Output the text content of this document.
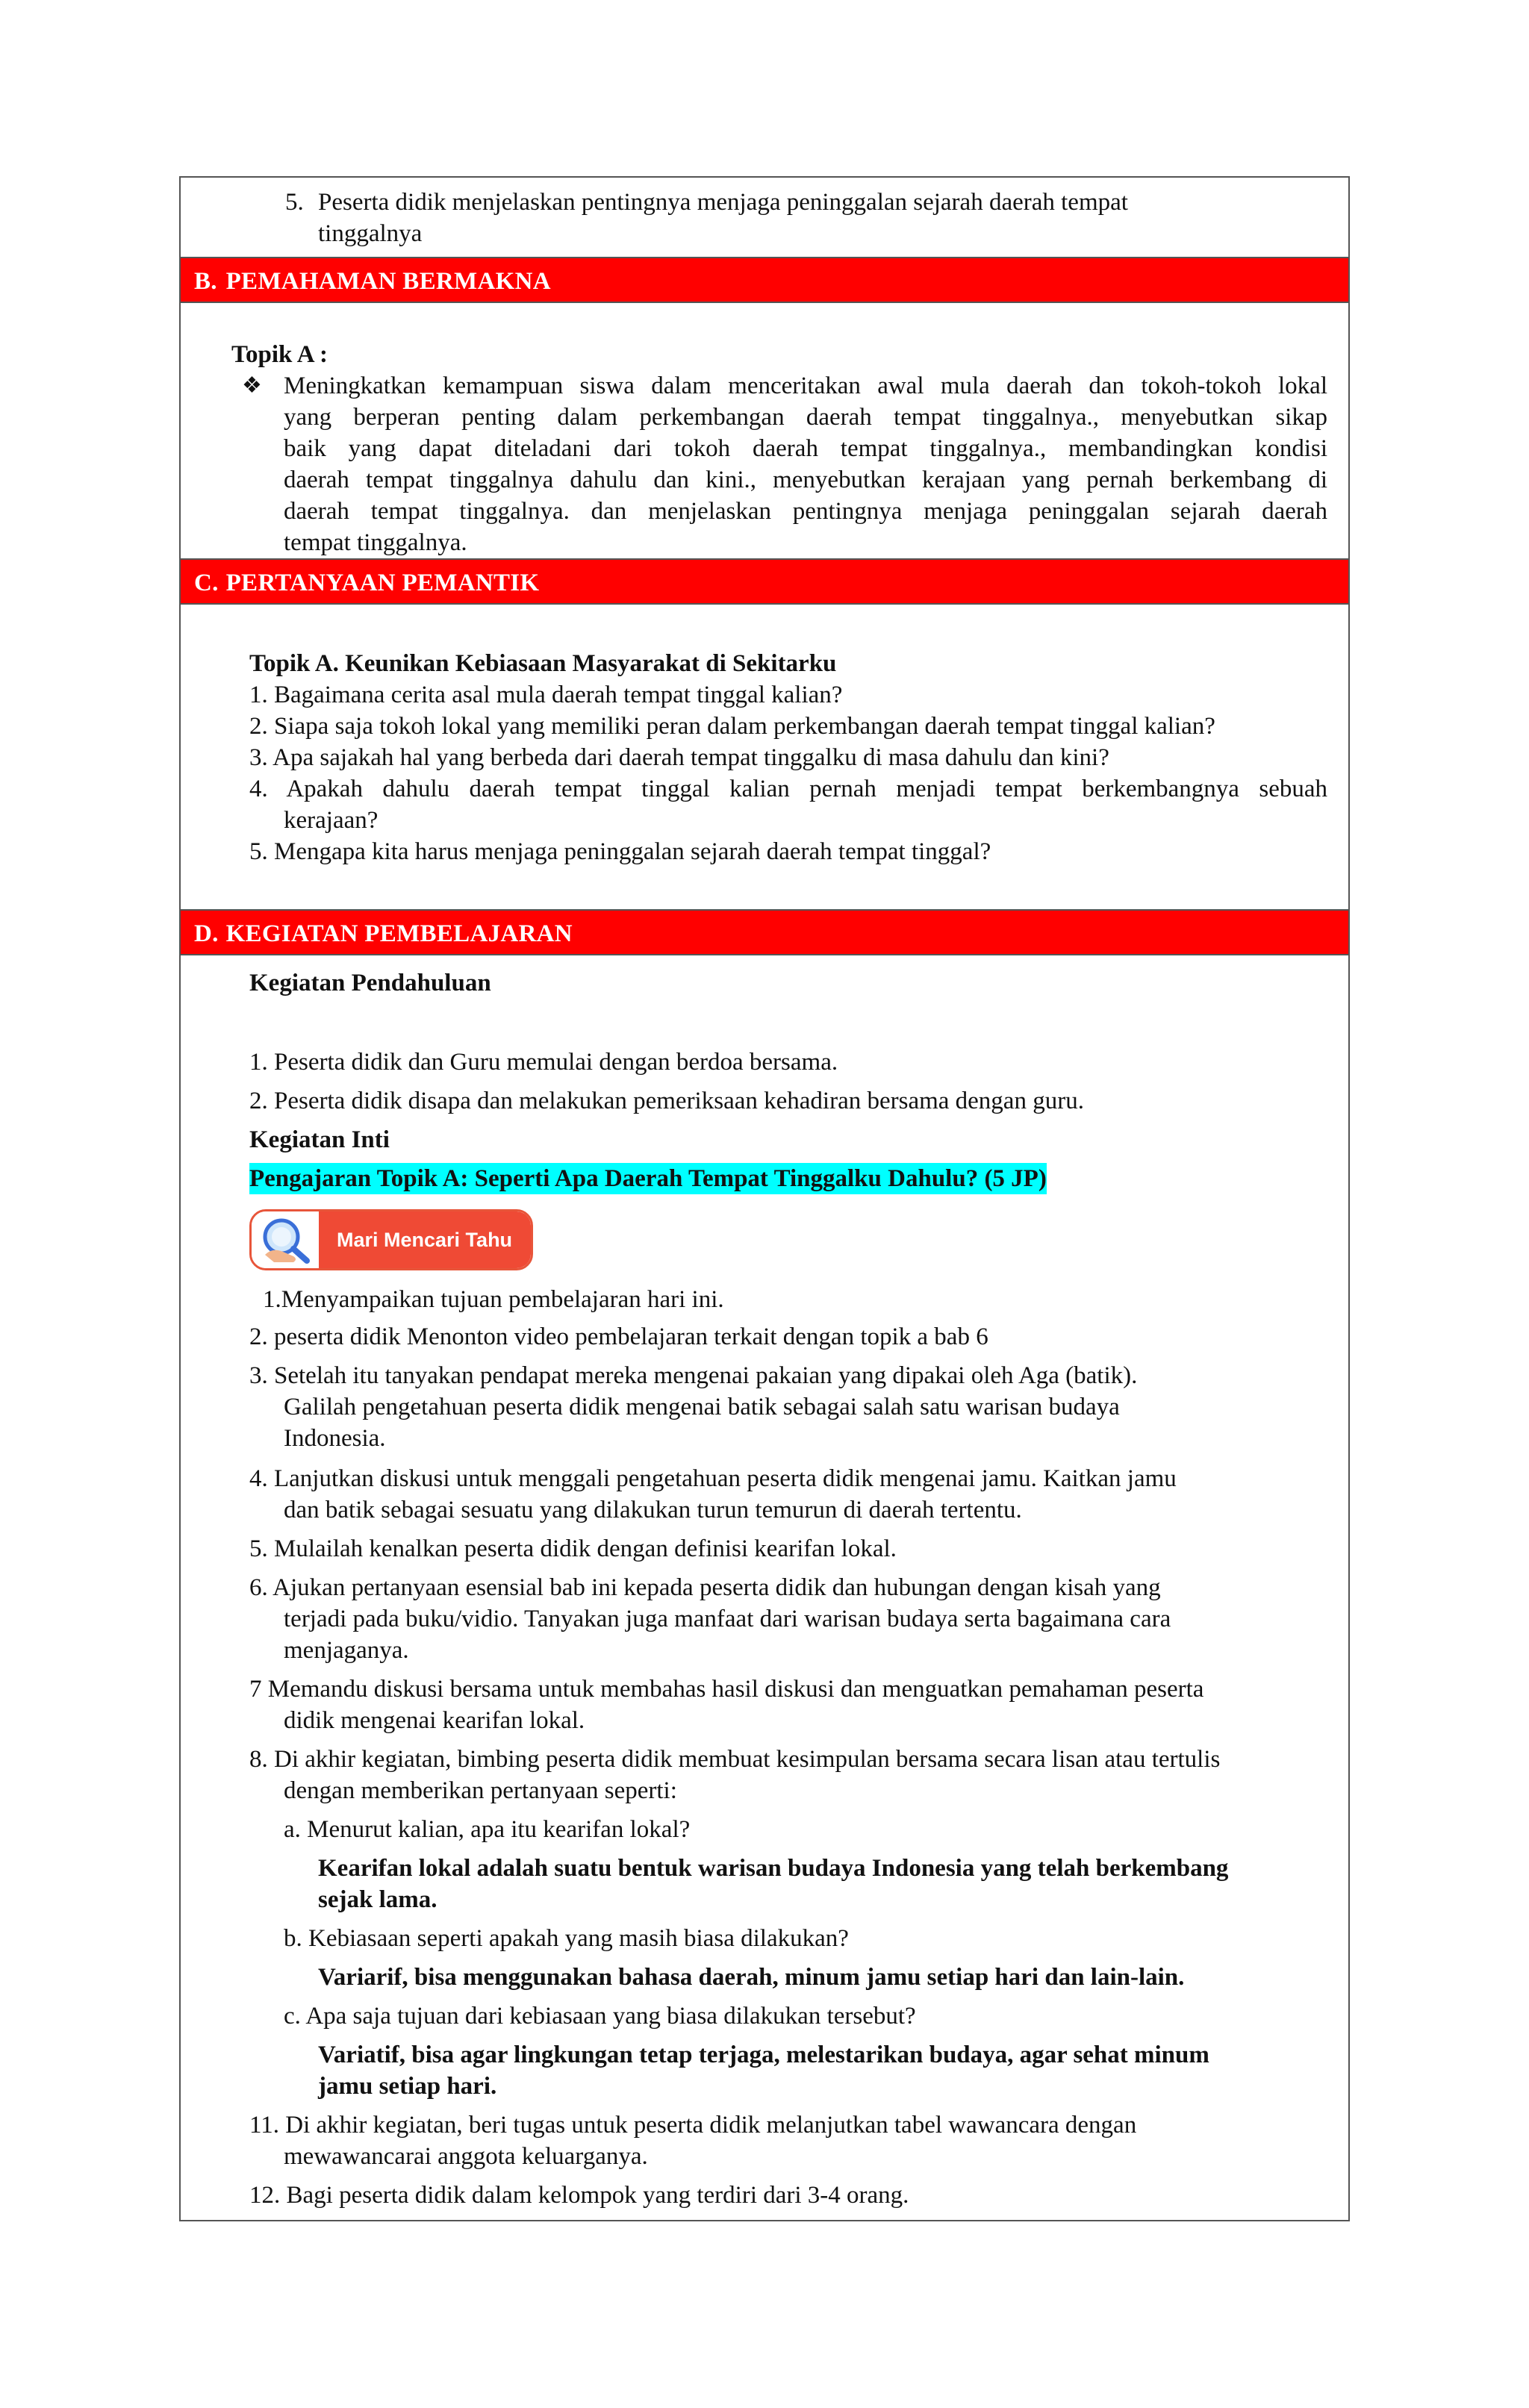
5. Peserta didik menjelaskan pentingnya menjaga peninggalan sejarah daerah tempat
tinggalnya
B. PEMAHAMAN BERMAKNA
Topik A :
❖ Meningkatkan kemampuan siswa dalam menceritakan awal mula daerah dan tokoh-tokoh lokal
yang berperan penting dalam perkembangan daerah tempat tinggalnya., menyebutkan sikap
baik yang dapat diteladani dari tokoh daerah tempat tinggalnya., membandingkan kondisi
daerah tempat tinggalnya dahulu dan kini., menyebutkan kerajaan yang pernah berkembang di
daerah tempat tinggalnya. dan menjelaskan pentingnya menjaga peninggalan sejarah daerah
tempat tinggalnya.
C. PERTANYAAN PEMANTIK
Topik A. Keunikan Kebiasaan Masyarakat di Sekitarku
1. Bagaimana cerita asal mula daerah tempat tinggal kalian?
2. Siapa saja tokoh lokal yang memiliki peran dalam perkembangan daerah tempat tinggal kalian?
3. Apa sajakah hal yang berbeda dari daerah tempat tinggalku di masa dahulu dan kini?
4. Apakah dahulu daerah tempat tinggal kalian pernah menjadi tempat berkembangnya sebuah
kerajaan?
5. Mengapa kita harus menjaga peninggalan sejarah daerah tempat tinggal?
D. KEGIATAN PEMBELAJARAN
Kegiatan Pendahuluan
1. Peserta didik dan Guru memulai dengan berdoa bersama.
2. Peserta didik disapa dan melakukan pemeriksaan kehadiran bersama dengan guru.
Kegiatan Inti
Pengajaran Topik A: Seperti Apa Daerah Tempat Tinggalku Dahulu? (5 JP)
Mari Mencari Tahu
1.Menyampaikan tujuan pembelajaran hari ini.
2. peserta didik Menonton video pembelajaran terkait dengan topik a bab 6
3. Setelah itu tanyakan pendapat mereka mengenai pakaian yang dipakai oleh Aga (batik).
Galilah pengetahuan peserta didik mengenai batik sebagai salah satu warisan budaya
Indonesia.
4. Lanjutkan diskusi untuk menggali pengetahuan peserta didik mengenai jamu. Kaitkan jamu
dan batik sebagai sesuatu yang dilakukan turun temurun di daerah tertentu.
5. Mulailah kenalkan peserta didik dengan definisi kearifan lokal.
6. Ajukan pertanyaan esensial bab ini kepada peserta didik dan hubungan dengan kisah yang
terjadi pada buku/vidio. Tanyakan juga manfaat dari warisan budaya serta bagaimana cara
menjaganya.
7 Memandu diskusi bersama untuk membahas hasil diskusi dan menguatkan pemahaman peserta
didik mengenai kearifan lokal.
8. Di akhir kegiatan, bimbing peserta didik membuat kesimpulan bersama secara lisan atau tertulis
dengan memberikan pertanyaan seperti:
a. Menurut kalian, apa itu kearifan lokal?
Kearifan lokal adalah suatu bentuk warisan budaya Indonesia yang telah berkembang
sejak lama.
b. Kebiasaan seperti apakah yang masih biasa dilakukan?
Variarif, bisa menggunakan bahasa daerah, minum jamu setiap hari dan lain-lain.
c. Apa saja tujuan dari kebiasaan yang biasa dilakukan tersebut?
Variatif, bisa agar lingkungan tetap terjaga, melestarikan budaya, agar sehat minum
jamu setiap hari.
11. Di akhir kegiatan, beri tugas untuk peserta didik melanjutkan tabel wawancara dengan
mewawancarai anggota keluarganya.
12. Bagi peserta didik dalam kelompok yang terdiri dari 3-4 orang.
